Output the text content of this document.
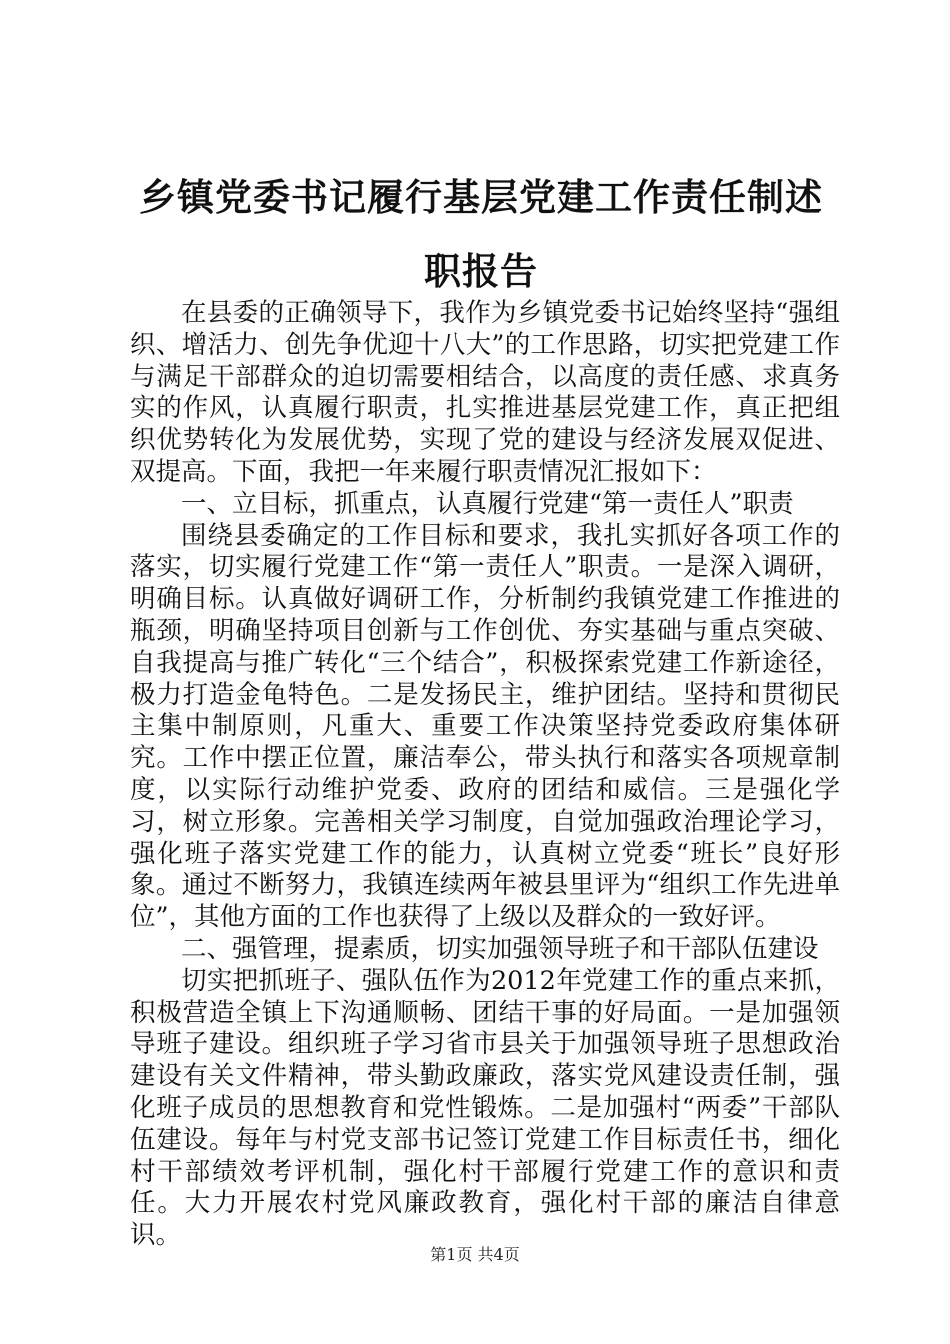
乡镇党委书记履行基层党建工作责任制述职报告

在县委的正确领导下，我作为乡镇党委书记始终坚持“强组织、增活力、创先争优迎十八大”的工作思路，切实把党建工作与满足干部群众的迫切需要相结合，以高度的责任感、求真务实的作风，认真履行职责，扎实推进基层党建工作，真正把组织优势转化为发展优势，实现了党的建设与经济发展双促进、双提高。下面，我把一年来履行职责情况汇报如下：

一、立目标，抓重点，认真履行党建“第一责任人”职责

围绕县委确定的工作目标和要求，我扎实抓好各项工作的落实，切实履行党建工作“第一责任人”职责。一是深入调研，明确目标。认真做好调研工作，分析制约我镇党建工作推进的瓶颈，明确坚持项目创新与工作创优、夯实基础与重点突破、自我提高与推广转化“三个结合”，积极探索党建工作新途径，极力打造金龟特色。二是发扬民主，维护团结。坚持和贯彻民主集中制原则，凡重大、重要工作决策坚持党委政府集体研究。工作中摆正位置，廉洁奉公，带头执行和落实各项规章制度，以实际行动维护党委、政府的团结和威信。三是强化学习，树立形象。完善相关学习制度，自觉加强政治理论学习，强化班子落实党建工作的能力，认真树立党委“班长”良好形象。通过不断努力，我镇连续两年被县里评为“组织工作先进单位”，其他方面的工作也获得了上级以及群众的一致好评。

二、强管理，提素质，切实加强领导班子和干部队伍建设

切实把抓班子、强队伍作为2012年党建工作的重点来抓，积极营造全镇上下沟通顺畅、团结干事的好局面。一是加强领导班子建设。组织班子学习省市县关于加强领导班子思想政治建设有关文件精神，带头勤政廉政，落实党风建设责任制，强化班子成员的思想教育和党性锻炼。二是加强村“两委”干部队伍建设。每年与村党支部书记签订党建工作目标责任书，细化村干部绩效考评机制，强化村干部履行党建工作的意识和责任。大力开展农村党风廉政教育，强化村干部的廉洁自律意识。

第1页 共4页
